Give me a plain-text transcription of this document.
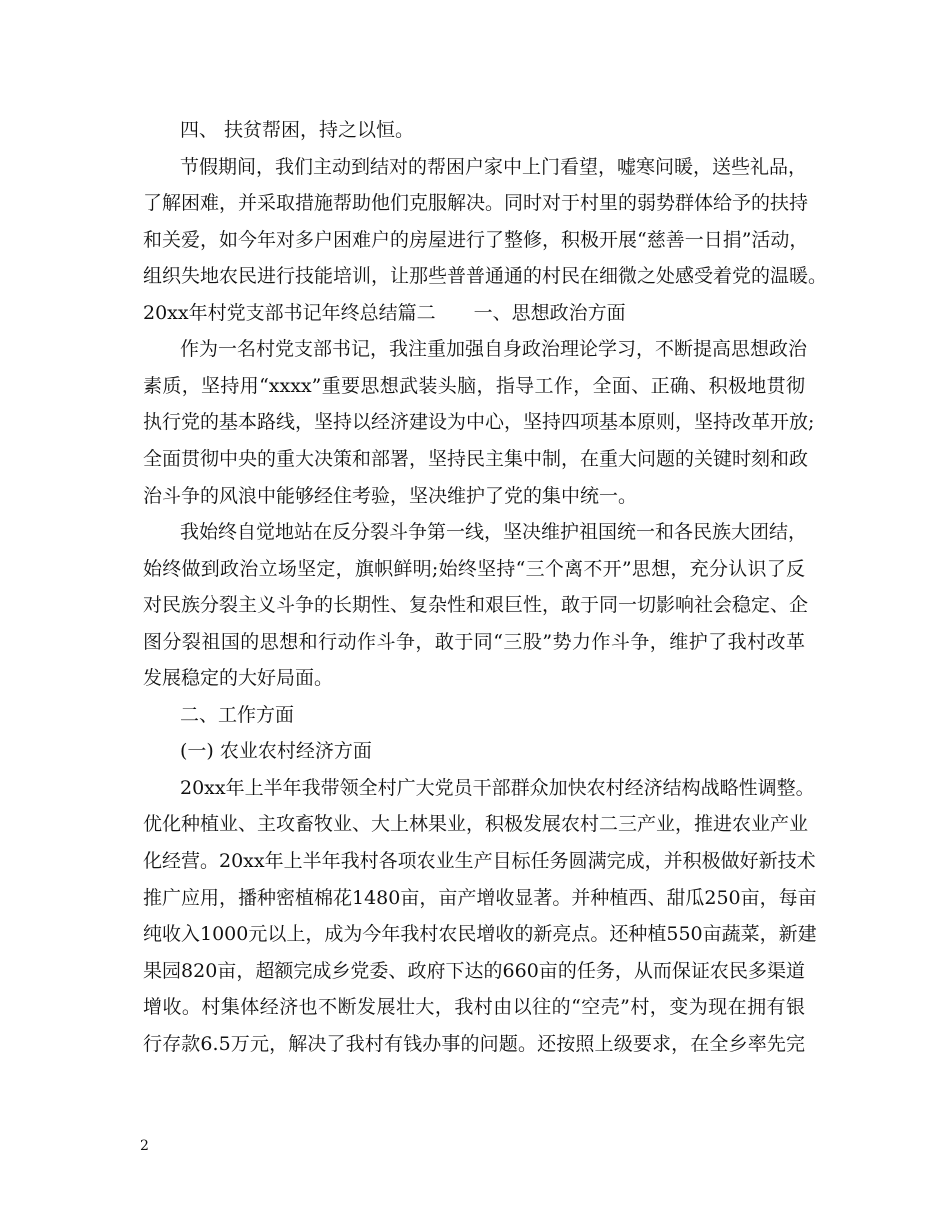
四、 扶贫帮困，持之以恒。
节假期间，我们主动到结对的帮困户家中上门看望，嘘寒问暖，送些礼品，
了解困难，并采取措施帮助他们克服解决。同时对于村里的弱势群体给予的扶持
和关爱，如今年对多户困难户的房屋进行了整修，积极开展“慈善一日捐”活动，
组织失地农民进行技能培训，让那些普普通通的村民在细微之处感受着党的温暖。
20xx年村党支部书记年终总结篇二　　一、思想政治方面
作为一名村党支部书记，我注重加强自身政治理论学习，不断提高思想政治
素质，坚持用“xxxx”重要思想武装头脑，指导工作，全面、正确、积极地贯彻
执行党的基本路线，坚持以经济建设为中心，坚持四项基本原则，坚持改革开放;
全面贯彻中央的重大决策和部署，坚持民主集中制，在重大问题的关键时刻和政
治斗争的风浪中能够经住考验，坚决维护了党的集中统一。
我始终自觉地站在反分裂斗争第一线，坚决维护祖国统一和各民族大团结，
始终做到政治立场坚定，旗帜鲜明;始终坚持“三个离不开”思想，充分认识了反
对民族分裂主义斗争的长期性、复杂性和艰巨性，敢于同一切影响社会稳定、企
图分裂祖国的思想和行动作斗争，敢于同“三股”势力作斗争，维护了我村改革
发展稳定的大好局面。
二、工作方面
(一) 农业农村经济方面
20xx年上半年我带领全村广大党员干部群众加快农村经济结构战略性调整。
优化种植业、主攻畜牧业、大上林果业，积极发展农村二三产业，推进农业产业
化经营。20xx年上半年我村各项农业生产目标任务圆满完成，并积极做好新技术
推广应用，播种密植棉花1480亩，亩产增收显著。并种植西、甜瓜250亩，每亩
纯收入1000元以上，成为今年我村农民增收的新亮点。还种植550亩蔬菜，新建
果园820亩，超额完成乡党委、政府下达的660亩的任务，从而保证农民多渠道
增收。村集体经济也不断发展壮大，我村由以往的“空壳”村，变为现在拥有银
行存款6.5万元，解决了我村有钱办事的问题。还按照上级要求，在全乡率先完
2
